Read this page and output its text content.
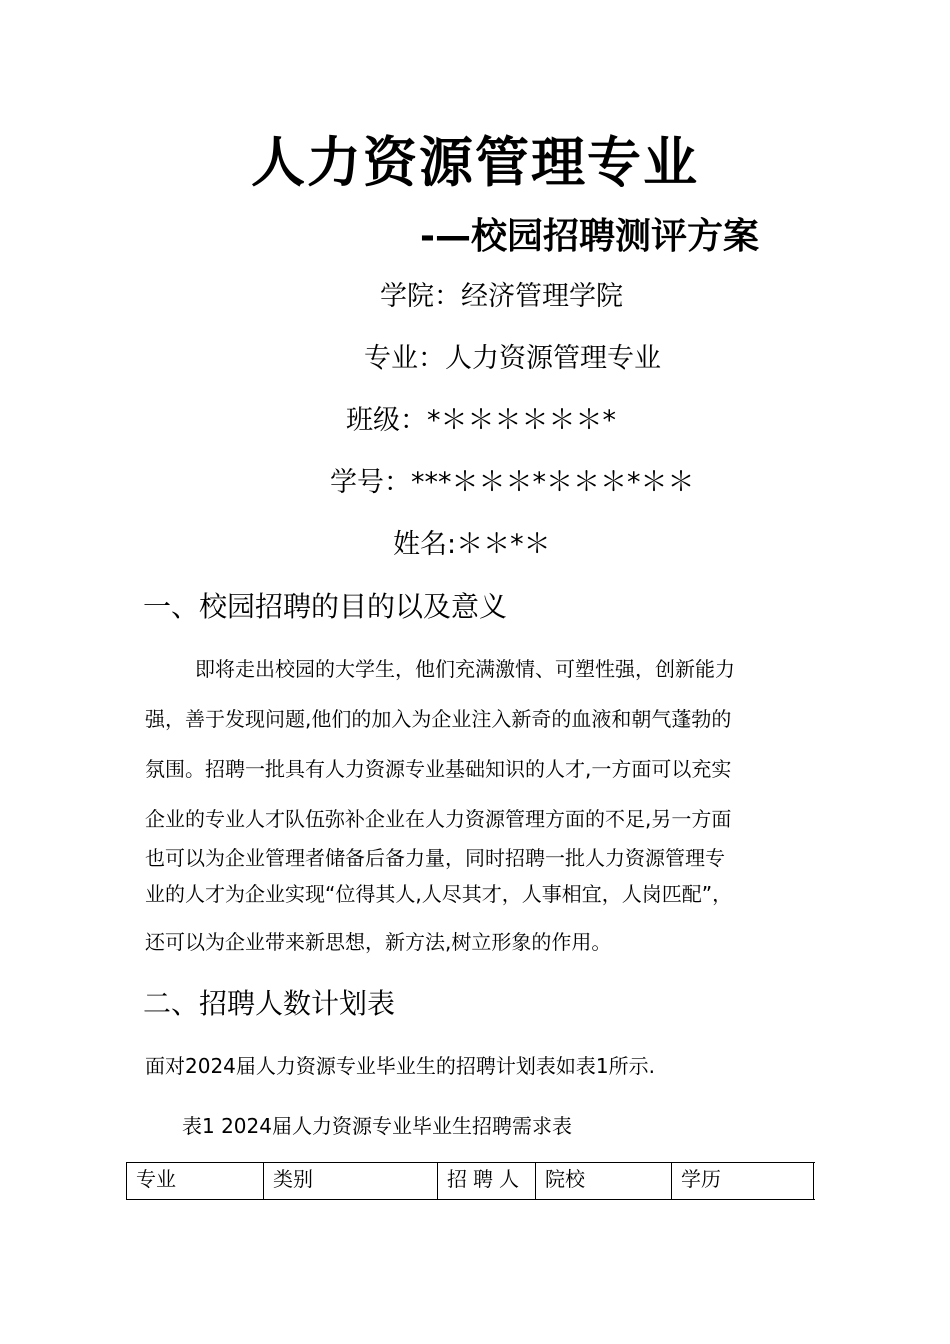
人力资源管理专业
-—校园招聘测评方案
学院：经济管理学院
专业：人力资源管理专业
班级：*＊＊＊＊＊＊*
学号：***＊＊＊*＊＊＊*＊＊
姓名:＊＊*＊
一、校园招聘的目的以及意义
即将走出校园的大学生，他们充满激情、可塑性强，创新能力
强，善于发现问题,他们的加入为企业注入新奇的血液和朝气蓬勃的
氛围。招聘一批具有人力资源专业基础知识的人才,一方面可以充实
企业的专业人才队伍弥补企业在人力资源管理方面的不足,另一方面
也可以为企业管理者储备后备力量，同时招聘一批人力资源管理专
业的人才为企业实现“位得其人,人尽其才，人事相宜，人岗匹配”，
还可以为企业带来新思想，新方法,树立形象的作用。
二、招聘人数计划表
面对2024届人力资源专业毕业生的招聘计划表如表1所示.
表1 2024届人力资源专业毕业生招聘需求表
专业	类别	招聘人	院校	学历
